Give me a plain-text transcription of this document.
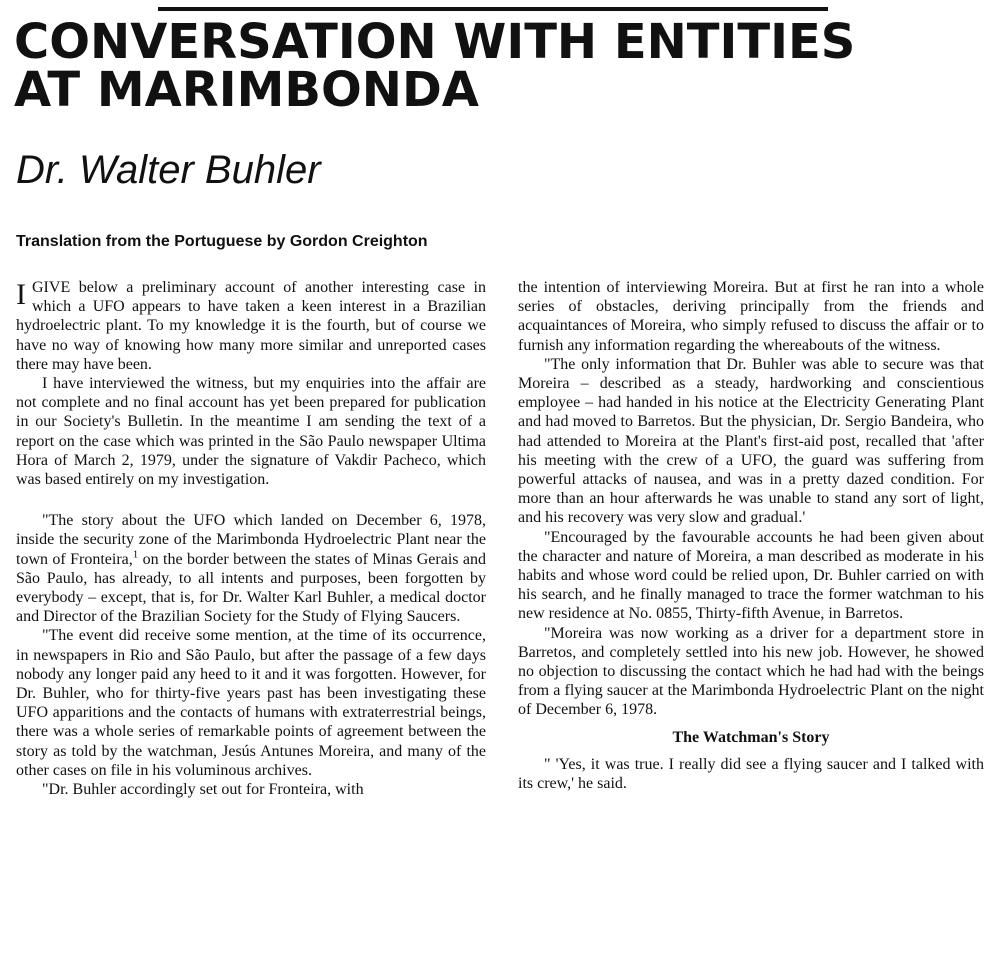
CONVERSATION WITH ENTITIES
AT MARIMBONDA
Dr. Walter Buhler
Translation from the Portuguese by Gordon Creighton

IGIVE below a preliminary account of another interesting case in which a UFO appears to have taken a keen interest in a Brazilian hydroelectric plant. To my knowledge it is the fourth, but of course we have no way of knowing how many more similar and unreported cases there may have been.

I have interviewed the witness, but my enquiries into the affair are not complete and no final account has yet been prepared for publication in our Society's Bulletin. In the meantime I am sending the text of a report on the case which was printed in the São Paulo newspaper Ultima Hora of March 2, 1979, under the signature of Vakdir Pacheco, which was based entirely on my investigation.

"The story about the UFO which landed on December 6, 1978, inside the security zone of the Marimbonda Hydroelectric Plant near the town of Fronteira,$^1$ on the border between the states of Minas Gerais and São Paulo, has already, to all intents and purposes, been forgotten by everybody – except, that is, for Dr. Walter Karl Buhler, a medical doctor and Director of the Brazilian Society for the Study of Flying Saucers.

"The event did receive some mention, at the time of its occurrence, in newspapers in Rio and São Paulo, but after the passage of a few days nobody any longer paid any heed to it and it was forgotten. However, for Dr. Buhler, who for thirty-five years past has been investigating these UFO apparitions and the contacts of humans with extraterrestrial beings, there was a whole series of remarkable points of agreement between the story as told by the watchman, Jesús Antunes Moreira, and many of the other cases on file in his voluminous archives.

"Dr. Buhler accordingly set out for Fronteira, with

the intention of interviewing Moreira. But at first he ran into a whole series of obstacles, deriving principally from the friends and acquaintances of Moreira, who simply refused to discuss the affair or to furnish any information regarding the whereabouts of the witness.

"The only information that Dr. Buhler was able to secure was that Moreira – described as a steady, hardworking and conscientious employee – had handed in his notice at the Electricity Generating Plant and had moved to Barretos. But the physician, Dr. Sergio Bandeira, who had attended to Moreira at the Plant's first-aid post, recalled that 'after his meeting with the crew of a UFO, the guard was suffering from powerful attacks of nausea, and was in a pretty dazed condition. For more than an hour afterwards he was unable to stand any sort of light, and his recovery was very slow and gradual.'

"Encouraged by the favourable accounts he had been given about the character and nature of Moreira, a man described as moderate in his habits and whose word could be relied upon, Dr. Buhler carried on with his search, and he finally managed to trace the former watchman to his new residence at No. 0855, Thirty-fifth Avenue, in Barretos.

"Moreira was now working as a driver for a department store in Barretos, and completely settled into his new job. However, he showed no objection to discussing the contact which he had had with the beings from a flying saucer at the Marimbonda Hydroelectric Plant on the night of December 6, 1978.

The Watchman's Story

" 'Yes, it was true. I really did see a flying saucer and I talked with its crew,' he said.
